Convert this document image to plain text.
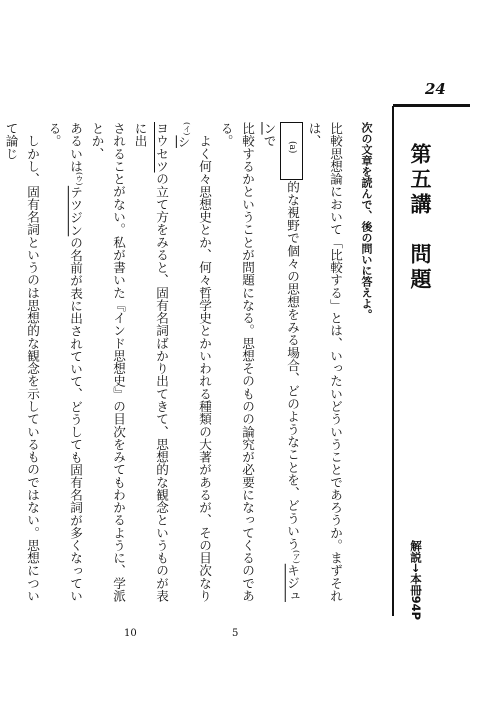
24
第五講　問題
解説→本冊94P
次の文章を読んで、後の問いに答えよ。

比較思想論において「比較する」とは、いったいどういうことであろうか。まずそれは、

(a)的な視野で個々の思想をみる場合、どのようなことを、どういう(ア)キジュンで

比較するかということが問題になる。思想そのものの論究が必要になってくるのである。

　よく何々思想史とか、何々哲学史とかいわれる種類の大著があるが、その目次なり(イ)シ

ヨウセツの立て方をみると、固有名詞ばかり出てきて、思想的な観念というものが表に出

されることがない。私が書いた『インド思想史』の目次をみてもわかるように、学派とか、

あるいは(ウ)テツジンの名前が表に出されていて、どうしても固有名詞が多くなっている。

　しかし、固有名詞というのは思想的な観念を示しているものではない。思想について論じ

5
10
